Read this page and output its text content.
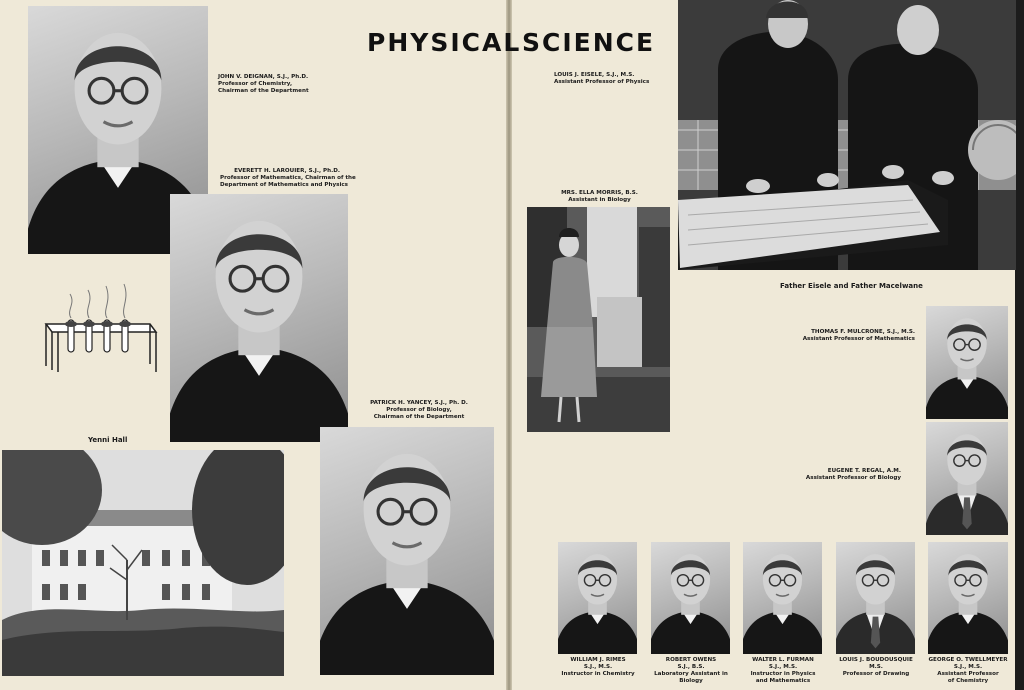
PHYSICAL SCIENCE
JOHN V. DEIGNAN, S.J., Ph.D.
Professor of Chemistry,
Chairman of the Department
EVERETT H. LAROUIER, S.J., Ph.D.
Professor of Mathematics, Chairman of the
Department of Mathematics and Physics
PATRICK H. YANCEY, S.J., Ph. D.
Professor of Biology,
Chairman of the Department
Yenni Hall
LOUIS J. EISELE, S.J., M.S.
Assistant Professor of Physics
MRS. ELLA MORRIS, B.S.
Assistant in Biology
Father Eisele and Father Macelwane
THOMAS F. MULCRONE, S.J., M.S.
Assistant Professor of Mathematics
EUGENE T. REGAL, A.M.
Assistant Professor of Biology
WILLIAM J. RIMES
S.J., M.S.
Instructor in Chemistry
ROBERT OWENS
S.J., B.S.
Laboratory Assistant in
Biology
WALTER L. FURMAN
S.J., M.S.
Instructor in Physics
and Mathematics
LOUIS J. BOUDOUSQUIE
M.S.
Professor of Drawing
GEORGE O. TWELLMEYER
S.J., M.S.
Assistant Professor
of Chemistry
